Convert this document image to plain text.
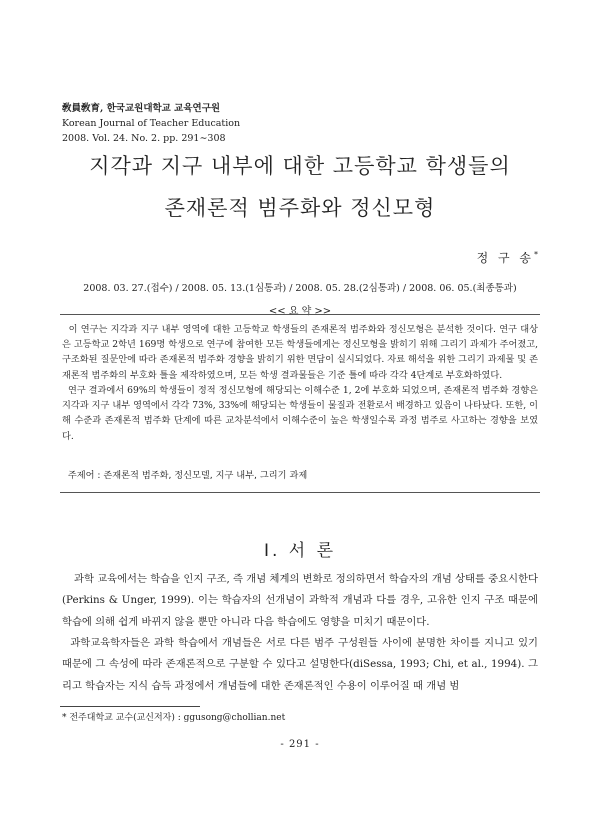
敎員敎育, 한국교원대학교 교육연구원
Korean Journal of Teacher Education
2008. Vol. 24. No. 2. pp. 291∼308
지각과 지구 내부에 대한 고등학교 학생들의
존재론적 범주화와 정신모형
정 구 송*
2008. 03. 27.(접수) / 2008. 05. 13.(1심통과) / 2008. 05. 28.(2심통과) / 2008. 06. 05.(최종통과)
<< 요 약 >>
이 연구는 지각과 지구 내부 영역에 대한 고등학교 학생들의 존재론적 범주화와 정신모형은 분석한 것이다. 연구 대상은 고등학교 2학년 169명 학생으로 연구에 참여한 모든 학생들에게는 정신모형을 밝히기 위해 그리기 과제가 주어졌고, 구조화된 질문안에 따라 존재론적 범주화 경향을 밝히기 위한 면담이 실시되었다. 자료 해석을 위한 그리기 과제물 및 존재론적 범주화의 부호화 틀을 제작하였으며, 모든 학생 결과물들은 기준 틀에 따라 각각 4단계로 부호화하였다.
연구 결과에서 69%의 학생들이 정적 정신모형에 해당되는 이해수준 1, 2에 부호화 되었으며, 존재론적 범주화 경향은 지각과 지구 내부 영역에서 각각 73%, 33%에 해당되는 학생들이 물질과 전환로서 배경하고 있음이 나타났다. 또한, 이해 수준과 존재론적 범주화 단계에 따른 교차분석에서 이해수준이 높은 학생일수록 과정 범주로 사고하는 경향을 보였다.
주제어 : 존재론적 범주화, 정신모델, 지구 내부, 그리기 과제
Ⅰ. 서 론
과학 교육에서는 학습을 인지 구조, 즉 개념 체계의 변화로 정의하면서 학습자의 개념 상태를 중요시한다(Perkins & Unger, 1999). 이는 학습자의 선개념이 과학적 개념과 다를 경우, 고유한 인지 구조 때문에 학습에 의해 쉽게 바뀌지 않을 뿐만 아니라 다음 학습에도 영향을 미치기 때문이다.
과학교육학자들은 과학 학습에서 개념들은 서로 다른 범주 구성원들 사이에 분명한 차이를 지니고 있기 때문에 그 속성에 따라 존재론적으로 구분할 수 있다고 설명한다(diSessa, 1993; Chi, et al., 1994). 그리고 학습자는 지식 습득 과정에서 개념들에 대한 존재론적인 수용이 이루어질 때 개념 범
* 전주대학교 교수(교신저자) : ggusong@chollian.net
- 291 -
